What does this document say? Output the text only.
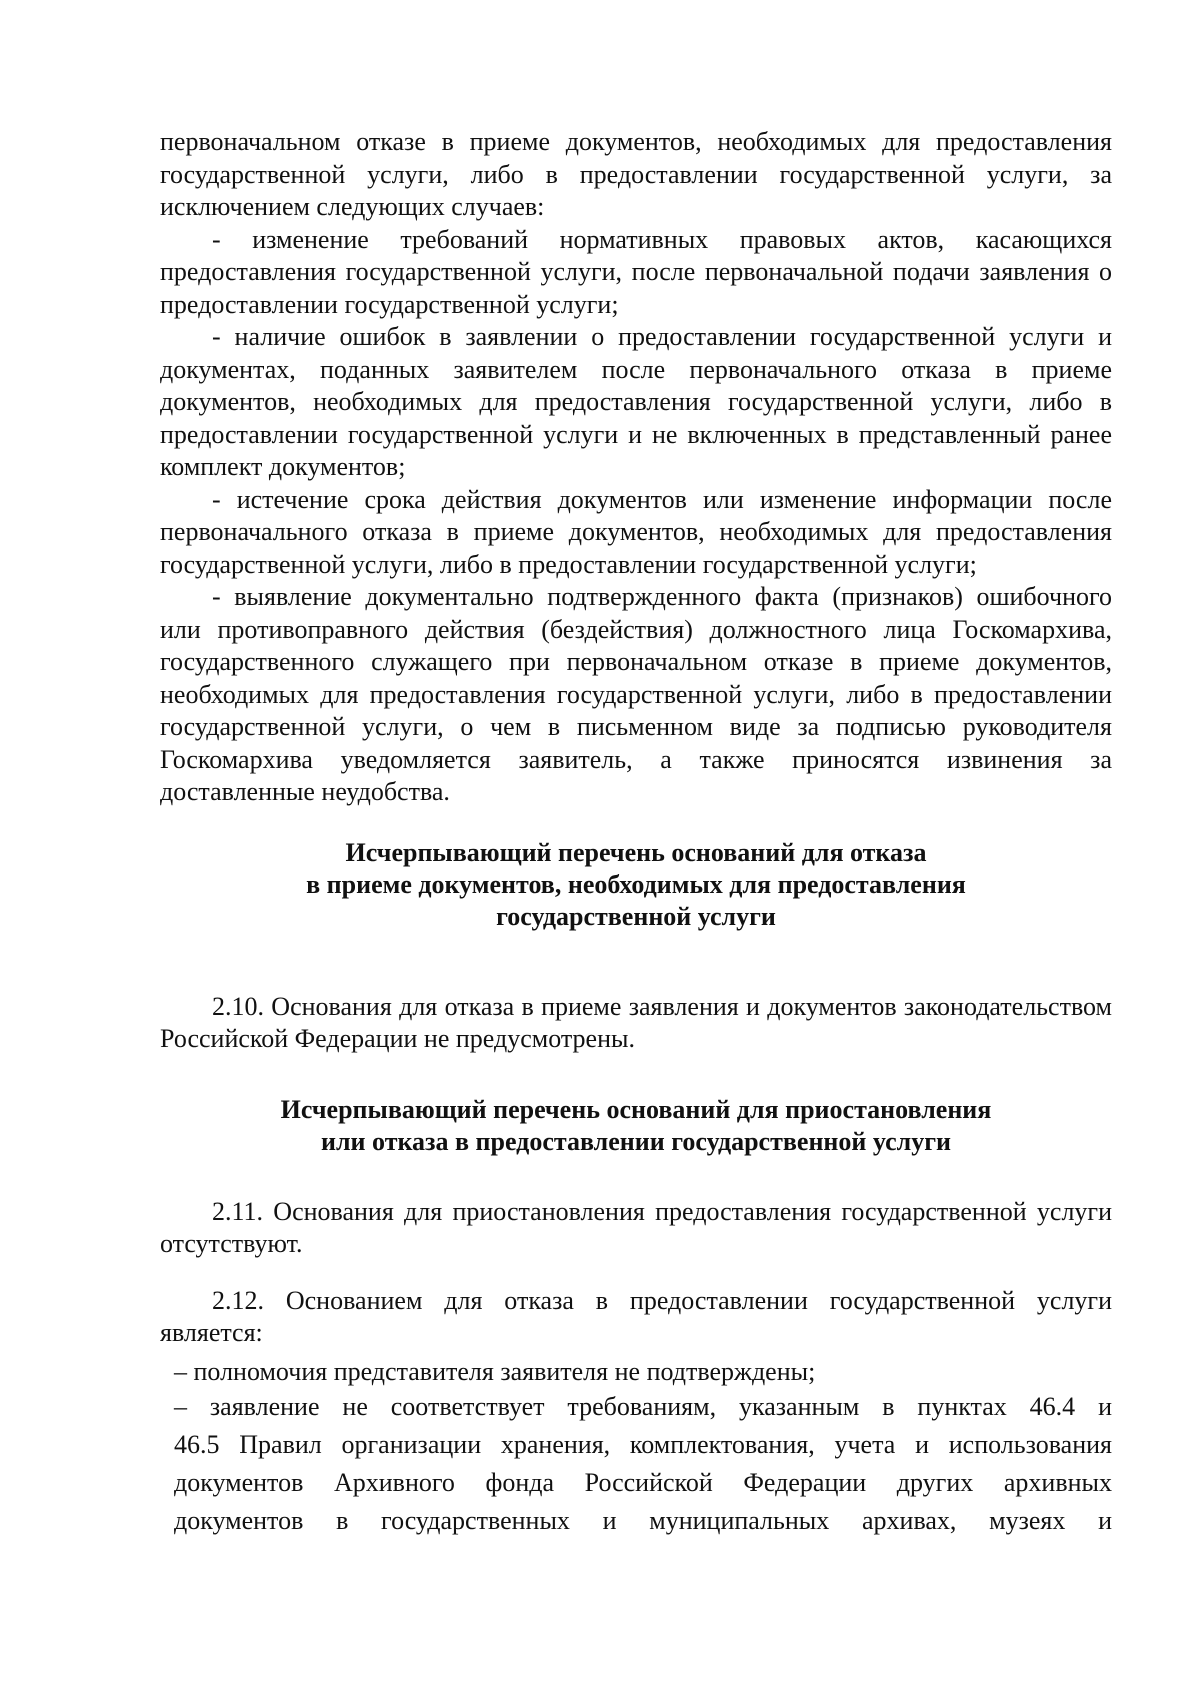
первоначальном отказе в приеме документов, необходимых для предоставления государственной услуги, либо в предоставлении государственной услуги, за исключением следующих случаев:

- изменение требований нормативных правовых актов, касающихся предоставления государственной услуги, после первоначальной подачи заявления о предоставлении государственной услуги;

- наличие ошибок в заявлении о предоставлении государственной услуги и документах, поданных заявителем после первоначального отказа в приеме документов, необходимых для предоставления государственной услуги, либо в предоставлении государственной услуги и не включенных в представленный ранее комплект документов;

- истечение срока действия документов или изменение информации после первоначального отказа в приеме документов, необходимых для предоставления государственной услуги, либо в предоставлении государственной услуги;

- выявление документально подтвержденного факта (признаков) ошибочного или противоправного действия (бездействия) должностного лица Госкомархива, государственного служащего при первоначальном отказе в приеме документов, необходимых для предоставления государственной услуги, либо в предоставлении государственной услуги, о чем в письменном виде за подписью руководителя Госкомархива уведомляется заявитель, а также приносятся извинения за доставленные неудобства.

Исчерпывающий перечень оснований для отказа
в приеме документов, необходимых для предоставления
государственной услуги

2.10. Основания для отказа в приеме заявления и документов законодательством Российской Федерации не предусмотрены.

Исчерпывающий перечень оснований для приостановления
или отказа в предоставлении государственной услуги

2.11. Основания для приостановления предоставления государственной услуги отсутствуют.

2.12. Основанием для отказа в предоставлении государственной услуги является:

– полномочия представителя заявителя не подтверждены;

– заявление не соответствует требованиям, указанным в пунктах 46.4 и
46.5 Правил организации хранения, комплектования, учета и использования
документов Архивного фонда Российской Федерации других архивных
документов в государственных и муниципальных архивах, музеях и
